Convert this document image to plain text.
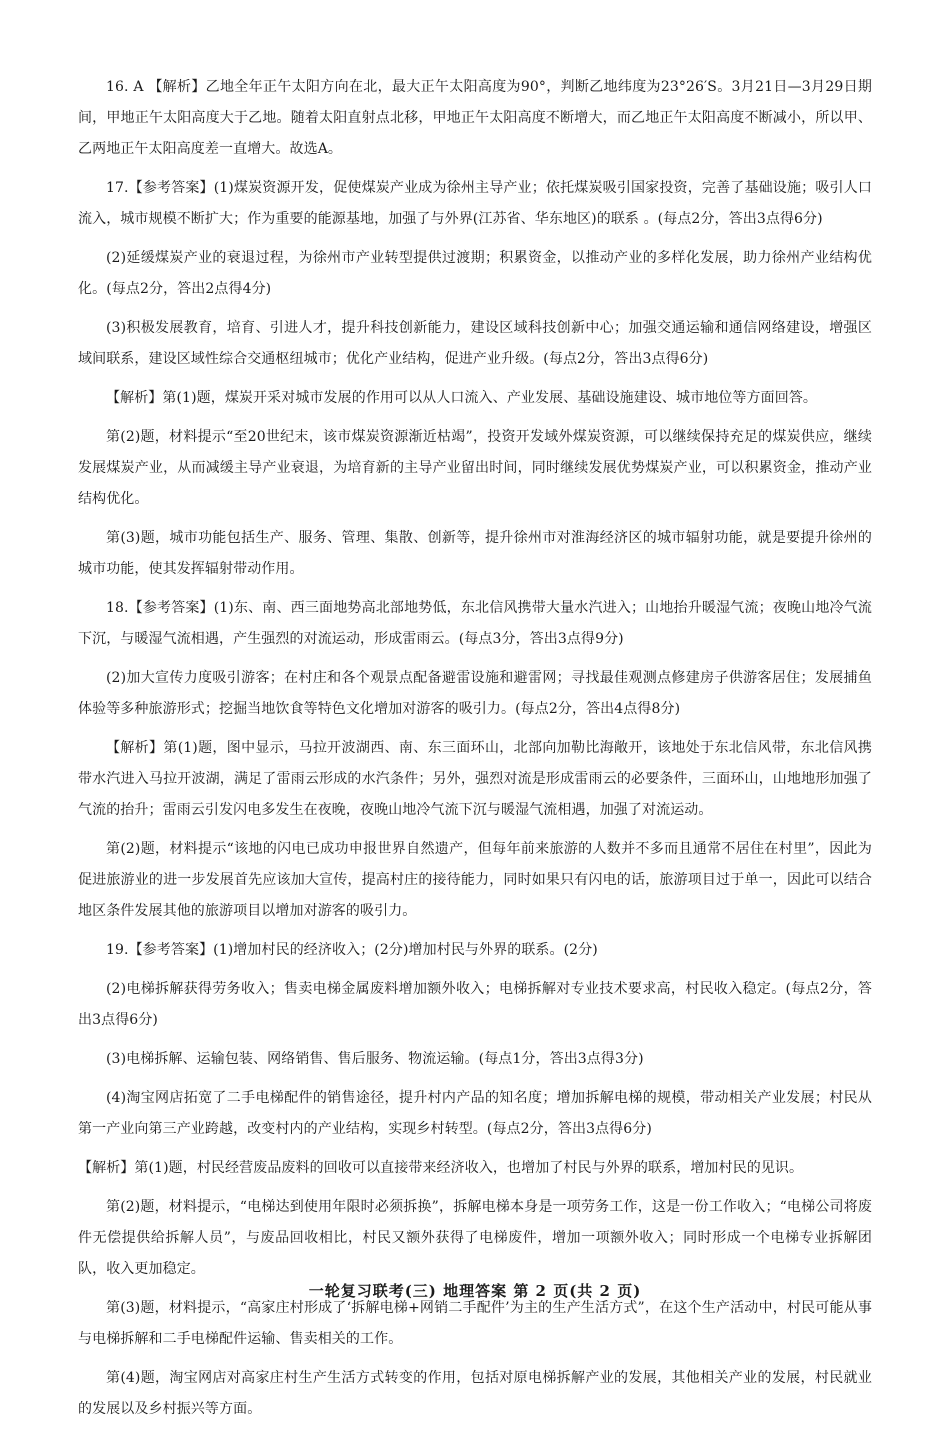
16. A 【解析】乙地全年正午太阳方向在北，最大正午太阳高度为90°，判断乙地纬度为23°26′S。3月21日—3月29日期间，甲地正午太阳高度大于乙地。随着太阳直射点北移，甲地正午太阳高度不断增大，而乙地正午太阳高度不断减小，所以甲、乙两地正午太阳高度差一直增大。故选A。

17.【参考答案】(1)煤炭资源开发，促使煤炭产业成为徐州主导产业；依托煤炭吸引国家投资，完善了基础设施；吸引人口流入，城市规模不断扩大；作为重要的能源基地，加强了与外界(江苏省、华东地区)的联系 。(每点2分，答出3点得6分)

(2)延缓煤炭产业的衰退过程，为徐州市产业转型提供过渡期；积累资金，以推动产业的多样化发展，助力徐州产业结构优化。(每点2分，答出2点得4分)

(3)积极发展教育，培育、引进人才，提升科技创新能力，建设区域科技创新中心；加强交通运输和通信网络建设，增强区域间联系，建设区域性综合交通枢纽城市；优化产业结构，促进产业升级。(每点2分，答出3点得6分)

【解析】第(1)题，煤炭开采对城市发展的作用可以从人口流入、产业发展、基础设施建设、城市地位等方面回答。

第(2)题，材料提示“至20世纪末，该市煤炭资源渐近枯竭”，投资开发域外煤炭资源，可以继续保持充足的煤炭供应，继续发展煤炭产业，从而减缓主导产业衰退，为培育新的主导产业留出时间，同时继续发展优势煤炭产业，可以积累资金，推动产业结构优化。

第(3)题，城市功能包括生产、服务、管理、集散、创新等，提升徐州市对淮海经济区的城市辐射功能，就是要提升徐州的城市功能，使其发挥辐射带动作用。

18.【参考答案】(1)东、南、西三面地势高北部地势低，东北信风携带大量水汽进入；山地抬升暖湿气流；夜晚山地冷气流下沉，与暖湿气流相遇，产生强烈的对流运动，形成雷雨云。(每点3分，答出3点得9分)

(2)加大宣传力度吸引游客；在村庄和各个观景点配备避雷设施和避雷网；寻找最佳观测点修建房子供游客居住；发展捕鱼体验等多种旅游形式；挖掘当地饮食等特色文化增加对游客的吸引力。(每点2分，答出4点得8分)

【解析】第(1)题，图中显示，马拉开波湖西、南、东三面环山，北部向加勒比海敞开，该地处于东北信风带，东北信风携带水汽进入马拉开波湖，满足了雷雨云形成的水汽条件；另外，强烈对流是形成雷雨云的必要条件，三面环山，山地地形加强了气流的抬升；雷雨云引发闪电多发生在夜晚，夜晚山地冷气流下沉与暖湿气流相遇，加强了对流运动。

第(2)题，材料提示“该地的闪电已成功申报世界自然遗产，但每年前来旅游的人数并不多而且通常不居住在村里”，因此为促进旅游业的进一步发展首先应该加大宣传，提高村庄的接待能力，同时如果只有闪电的话，旅游项目过于单一，因此可以结合地区条件发展其他的旅游项目以增加对游客的吸引力。

19.【参考答案】(1)增加村民的经济收入；(2分)增加村民与外界的联系。(2分)

(2)电梯拆解获得劳务收入；售卖电梯金属废料增加额外收入；电梯拆解对专业技术要求高，村民收入稳定。(每点2分，答出3点得6分)

(3)电梯拆解、运输包装、网络销售、售后服务、物流运输。(每点1分，答出3点得3分)

(4)淘宝网店拓宽了二手电梯配件的销售途径，提升村内产品的知名度；增加拆解电梯的规模，带动相关产业发展；村民从第一产业向第三产业跨越，改变村内的产业结构，实现乡村转型。(每点2分，答出3点得6分)

【解析】第(1)题，村民经营废品废料的回收可以直接带来经济收入，也增加了村民与外界的联系，增加村民的见识。

第(2)题，材料提示，“电梯达到使用年限时必须拆换”，拆解电梯本身是一项劳务工作，这是一份工作收入；“电梯公司将废件无偿提供给拆解人员”，与废品回收相比，村民又额外获得了电梯废件，增加一项额外收入；同时形成一个电梯专业拆解团队，收入更加稳定。

第(3)题，材料提示，“高家庄村形成了‘拆解电梯+网销二手配件’为主的生产生活方式”，在这个生产活动中，村民可能从事与电梯拆解和二手电梯配件运输、售卖相关的工作。

第(4)题，淘宝网店对高家庄村生产生活方式转变的作用，包括对原电梯拆解产业的发展，其他相关产业的发展，村民就业的发展以及乡村振兴等方面。

一轮复习联考(三) 地理答案 第 2 页(共 2 页)
